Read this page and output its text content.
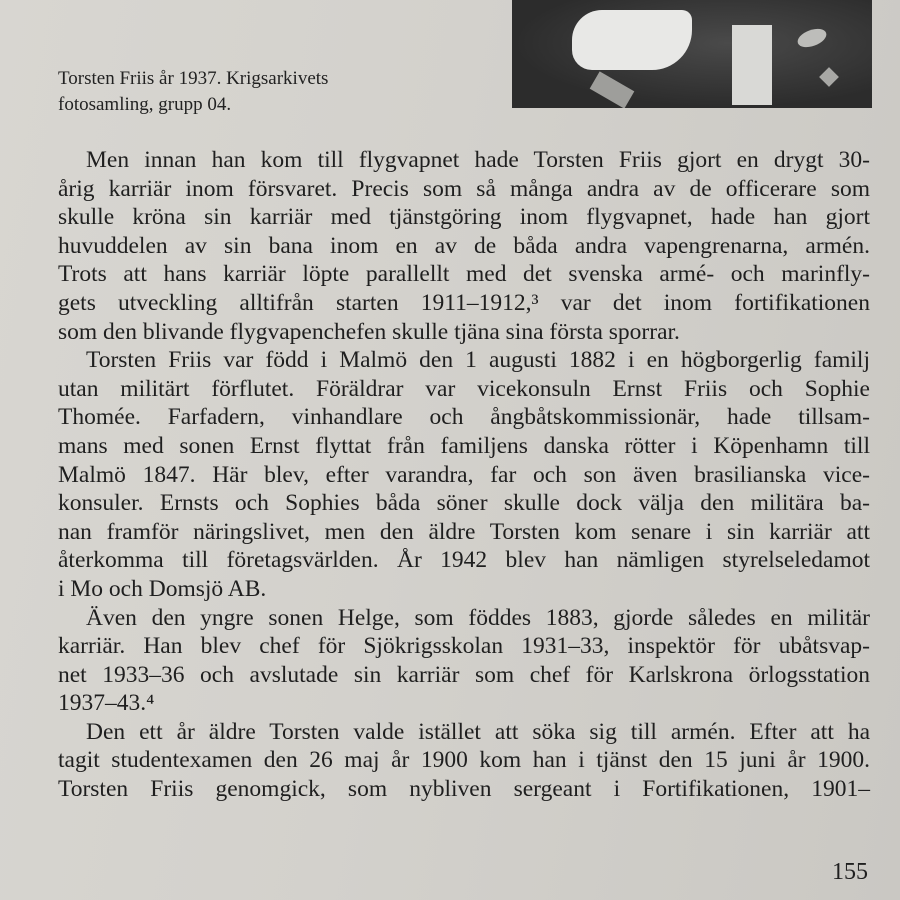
Torsten Friis år 1937. Krigsarkivets
fotosamling, grupp 04.
Men innan han kom till flygvapnet hade Torsten Friis gjort en drygt 30-
årig karriär inom försvaret. Precis som så många andra av de officerare som
skulle kröna sin karriär med tjänstgöring inom flygvapnet, hade han gjort
huvuddelen av sin bana inom en av de båda andra vapengrenarna, armén.
Trots att hans karriär löpte parallellt med det svenska armé- och marinfly-
gets utveckling alltifrån starten 1911–1912,³ var det inom fortifikationen
som den blivande flygvapenchefen skulle tjäna sina första sporrar.
Torsten Friis var född i Malmö den 1 augusti 1882 i en högborgerlig familj
utan militärt förflutet. Föräldrar var vicekonsuln Ernst Friis och Sophie
Thomée. Farfadern, vinhandlare och ångbåtskommissionär, hade tillsam-
mans med sonen Ernst flyttat från familjens danska rötter i Köpenhamn till
Malmö 1847. Här blev, efter varandra, far och son även brasilianska vice-
konsuler. Ernsts och Sophies båda söner skulle dock välja den militära ba-
nan framför näringslivet, men den äldre Torsten kom senare i sin karriär att
återkomma till företagsvärlden. År 1942 blev han nämligen styrelseledamot
i Mo och Domsjö AB.
Även den yngre sonen Helge, som föddes 1883, gjorde således en militär
karriär. Han blev chef för Sjökrigsskolan 1931–33, inspektör för ubåtsvap-
net 1933–36 och avslutade sin karriär som chef för Karlskrona örlogsstation
1937–43.⁴
Den ett år äldre Torsten valde istället att söka sig till armén. Efter att ha
tagit studentexamen den 26 maj år 1900 kom han i tjänst den 15 juni år 1900.
Torsten Friis genomgick, som nybliven sergeant i Fortifikationen, 1901–
155
